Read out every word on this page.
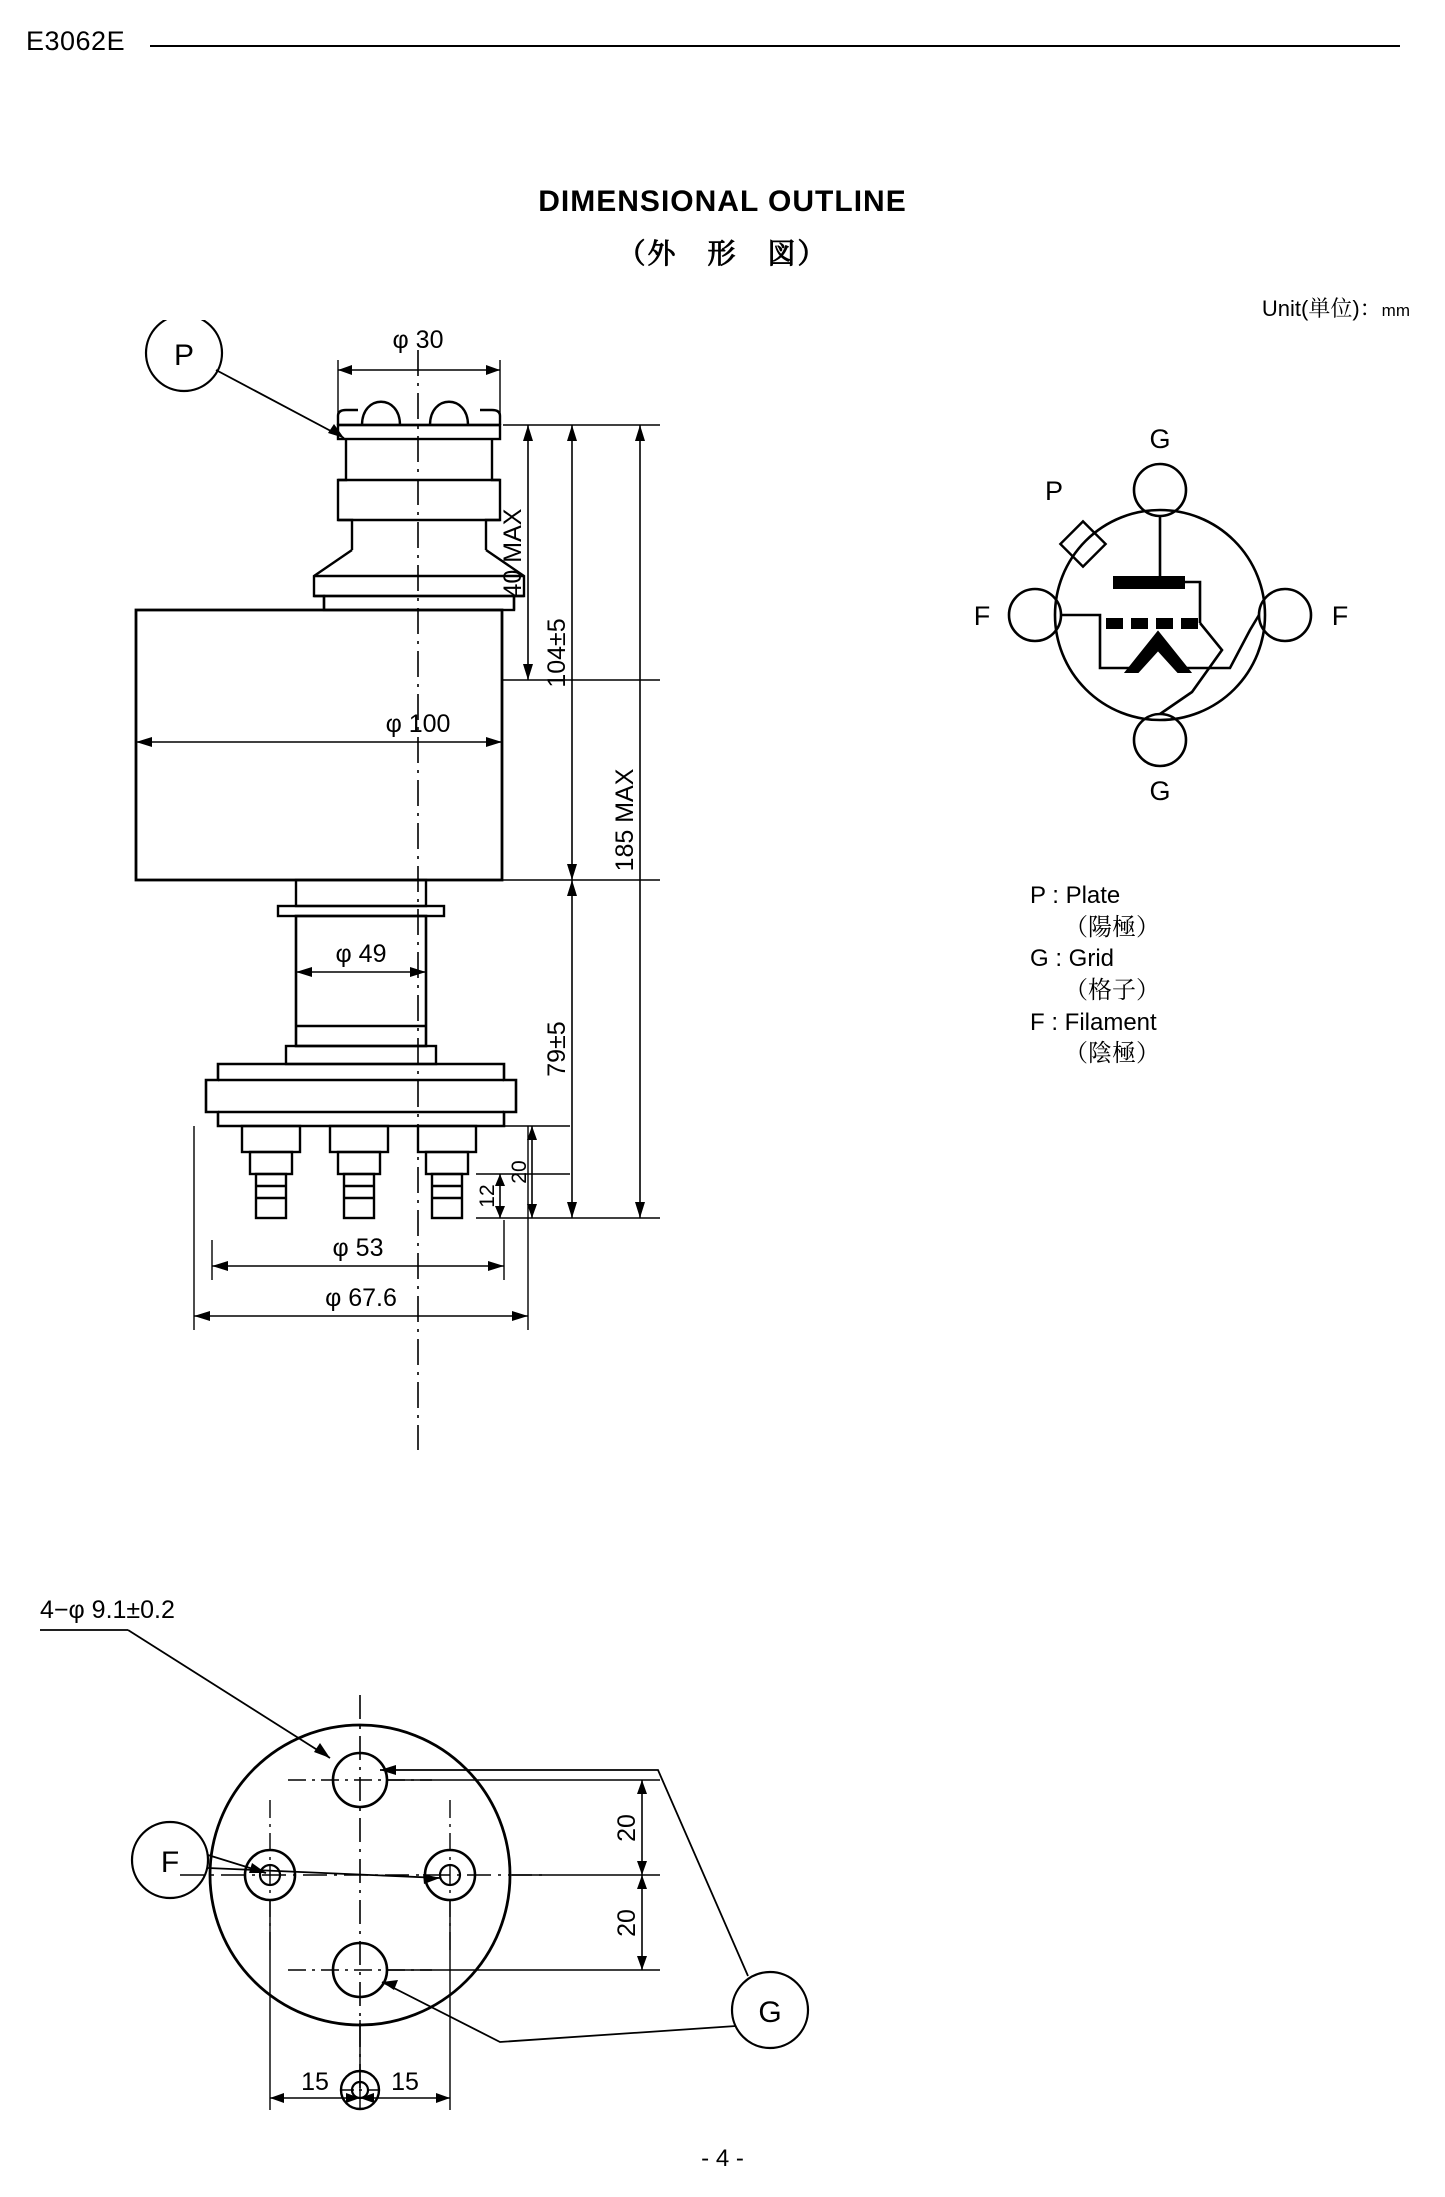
E3062E
DIMENSIONAL OUTLINE
（外　形　図）
Unit(単位)：mm
P	φ 30
φ 100
φ 49
φ 53
φ 67.6
40 MAX
104±5
79±5
185 MAX
20
12
G
G
F	F
P
P : Plate
（陽極）
G : Grid
（格子）
F : Filament
（陰極）
4−φ 9.1±0.2
F
G
20
20
15 15
- 4 -
